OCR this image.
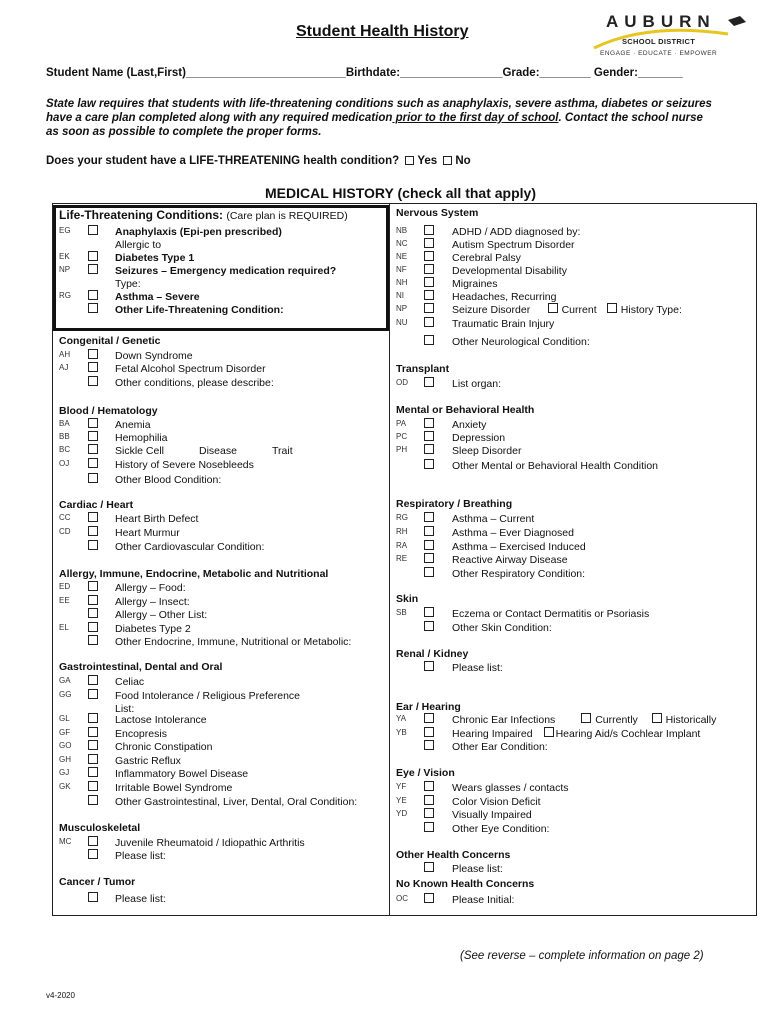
Student Health History
AUBURN
SCHOOL DISTRICT
ENGAGE · EDUCATE · EMPOWER
Student Name (Last,First)_________________________Birthdate:________________Grade:________ Gender:_______
State law requires that students with life-threatening conditions such as anaphylaxis, severe asthma, diabetes or seizures have a care plan completed along with any required medication prior to the first day of school. Contact the school nurse as soon as possible to complete the proper forms.
Does your student have a LIFE-THREATENING health condition? Yes No
MEDICAL HISTORY (check all that apply)
Life-Threatening Conditions: (Care plan is REQUIRED)
EG	Anaphylaxis (Epi-pen prescribed)
Allergic to
EK	Diabetes Type 1
NP	Seizures – Emergency medication required?
Type:
RG	Asthma – Severe
Other Life-Threatening Condition:
Congenital / Genetic
AH	Down Syndrome
AJ	Fetal Alcohol Spectrum Disorder
Other conditions, please describe:
Blood / Hematology
BA	Anemia
BB	Hemophilia
BC	Sickle Cell	Disease	Trait
OJ	History of Severe Nosebleeds
Other Blood Condition:
Cardiac / Heart
CC	Heart Birth Defect
CD	Heart Murmur
Other Cardiovascular Condition:
Allergy, Immune, Endocrine, Metabolic and Nutritional
ED	Allergy – Food:
EE	Allergy – Insect:
Allergy – Other List:
EL	Diabetes Type 2
Other Endocrine, Immune, Nutritional or Metabolic:
Gastrointestinal, Dental and Oral
GA	Celiac
GG	Food Intolerance / Religious Preference
List:
GL	Lactose Intolerance
GF	Encopresis
GO	Chronic Constipation
GH	Gastric Reflux
GJ	Inflammatory Bowel Disease
GK	Irritable Bowel Syndrome
Other Gastrointestinal, Liver, Dental, Oral Condition:
Musculoskeletal
MC	Juvenile Rheumatoid / Idiopathic Arthritis
Please list:
Cancer / Tumor
Please list:
Nervous System
NB	ADHD / ADD diagnosed by:
NC	Autism Spectrum Disorder
NE	Cerebral Palsy
NF	Developmental Disability
NH	Migraines
NI	Headaches, Recurring
NP	Seizure Disorder	Current History Type:
NU	Traumatic Brain Injury
Other Neurological Condition:
Transplant
OD	List organ:
Mental or Behavioral Health
PA	Anxiety
PC	Depression
PH	Sleep Disorder
Other Mental or Behavioral Health Condition
Respiratory / Breathing
RG	Asthma – Current
RH	Asthma – Ever Diagnosed
RA	Asthma – Exercised Induced
RE	Reactive Airway Disease
Other Respiratory Condition:
Skin
SB	Eczema or Contact Dermatitis or Psoriasis
Other Skin Condition:
Renal / Kidney
Please list:
Ear / Hearing
YA	Chronic Ear Infections	Currently	Historically
YB	Hearing Impaired Hearing Aid/s Cochlear Implant
Other Ear Condition:
Eye / Vision
YF	Wears glasses / contacts
YE	Color Vision Deficit
YD	Visually Impaired
Other Eye Condition:
Other Health Concerns
Please list:
No Known Health Concerns
OC	Please Initial:
(See reverse – complete information on page 2)
v4-2020
